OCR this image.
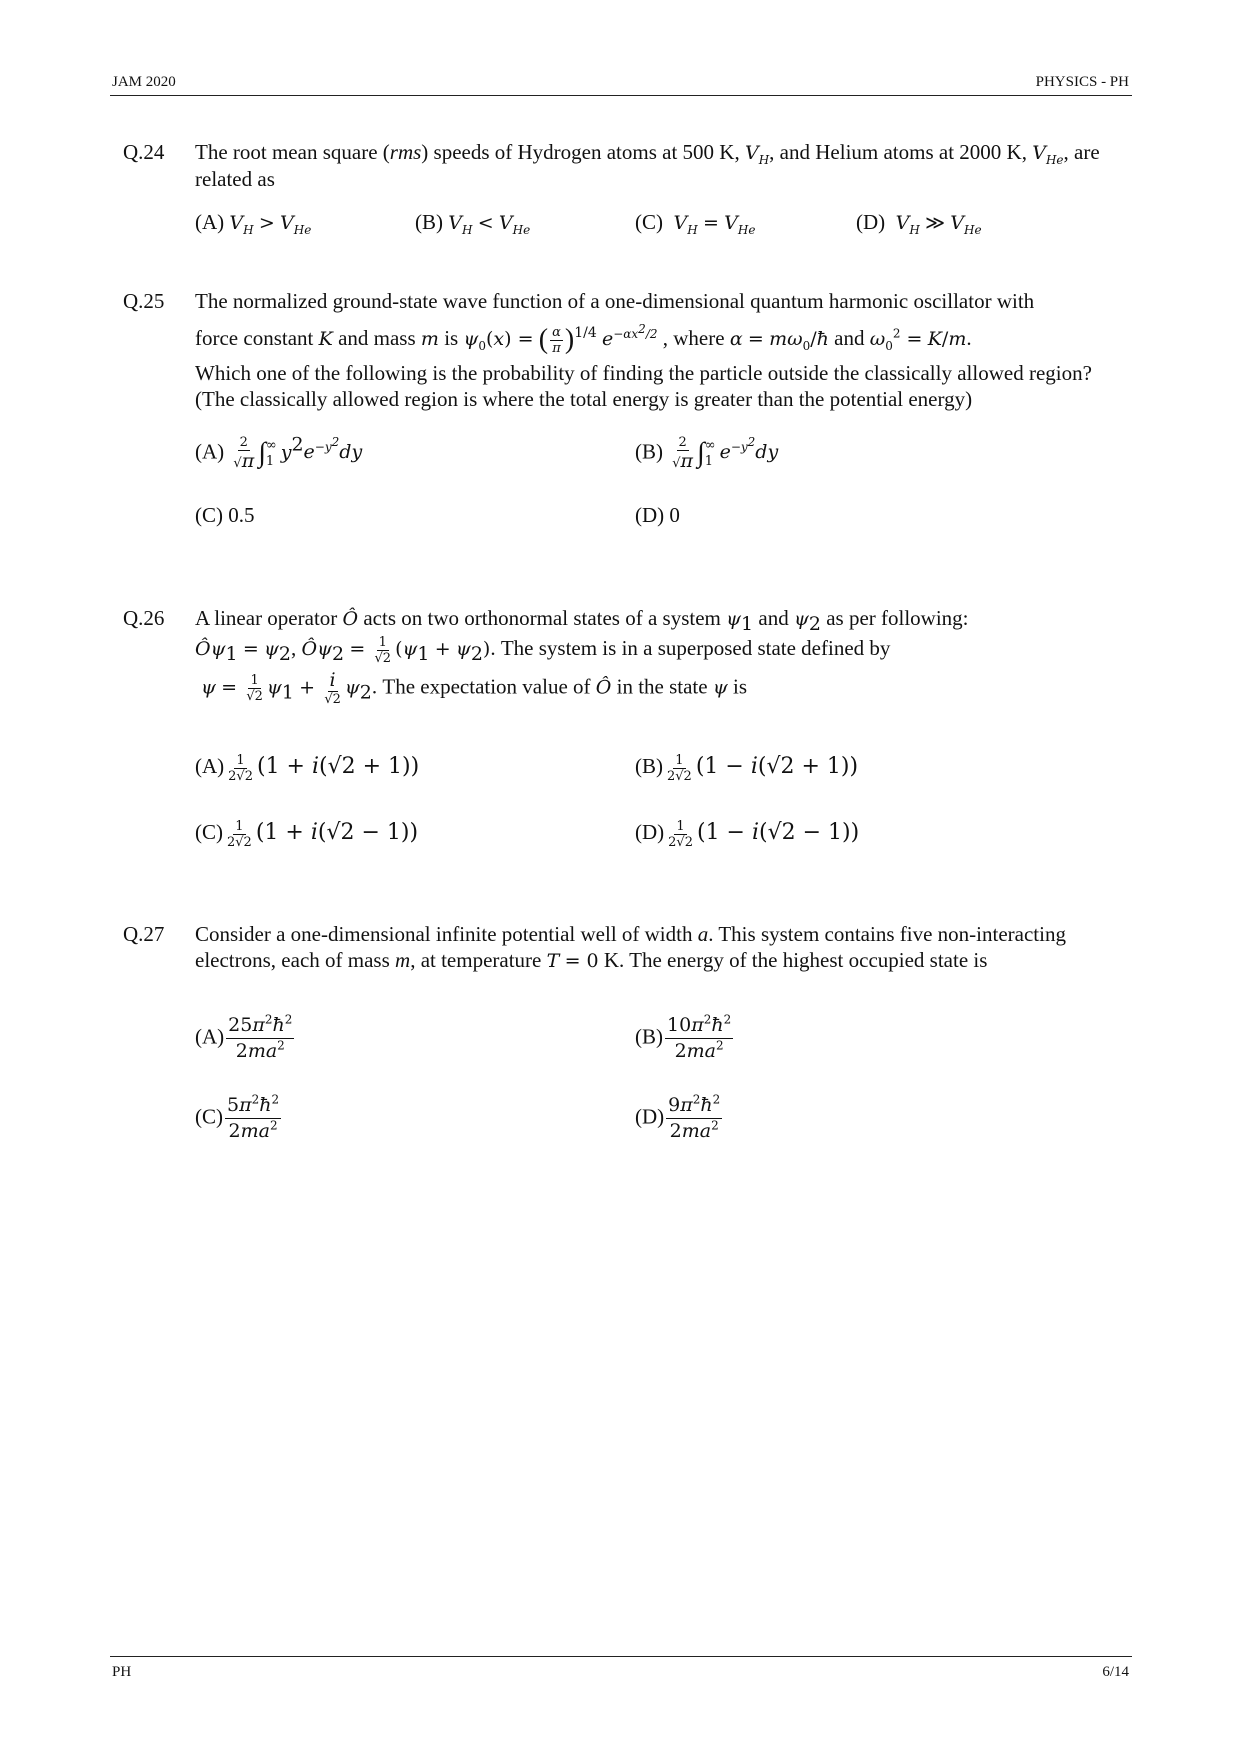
JAM 2020	PHYSICS - PH
Q.24 The root mean square (rms) speeds of Hydrogen atoms at 500 K, $V_H$, and Helium atoms at 2000 K, $V_{He}$, are related as
(A) $V_H > V_{He}$	(B) $V_H < V_{He}$	(C)  $V_H = V_{He}$	(D)  $V_H$ ≫ $V_{He}$
Q.25 The normalized ground-state wave function of a one-dimensional quantum harmonic oscillator with
force constant K and mass m is $\psi_0(x)$ = ( $\frac{\alpha}{\pi} )^{1/4}$ $e^{-\alpha x^2/2}$ , where $\alpha = m\omega_0/ħ$ and $\omega_0^2 = K/m$.
Which one of the following is the probability of finding the particle outside the classically allowed region?
(The classically allowed region is where the total energy is greater than the potential energy)
$(A) \frac{2}{√\pi}$ ∫ ∞
1 $y^2e^{-y^2}dy$	$(B) \frac{2}{√\pi}$ ∫ ∞
1 $e^{-y^2}dy$
(C) 0.5	(D) 0
Q.26 A linear operator Ô acts on two orthonormal states of a system $\psi_1$ and $\psi_2$ as per following:
$Ô\psi_1 = \psi_2$, $Ô\psi_2 = \frac{1}{√2} (\psi_1 + \psi_2)$. The system is in a superposed state defined by
$\psi = \frac{1}{√2} \psi_1 + \frac{i}{√2} \psi_2$. The expectation value of Ô in the state ψ is
$(A) \frac{1}{2√2} (1 + i(√2 + 1))$	$(B) \frac{1}{2√2} (1 - i(√2 + 1))$
$(C) \frac{1}{2√2} (1 + i(√2 - 1))$	$(D) \frac{1}{2√2} (1 - i(√2 - 1))$
Q.27 Consider a one-dimensional infinite potential well of width a. This system contains five non-interacting electrons, each of mass m, at temperature T = 0 K. The energy of the highest occupied state is
$(A) \frac{25\pi^2ħ^2}{2ma^2}$	$(B) \frac{10\pi^2ħ^2}{2ma^2}$
$(C) \frac{5\pi^2ħ^2}{2ma^2}$	$(D) \frac{9\pi^2ħ^2}{2ma^2}$
PH	6/14
